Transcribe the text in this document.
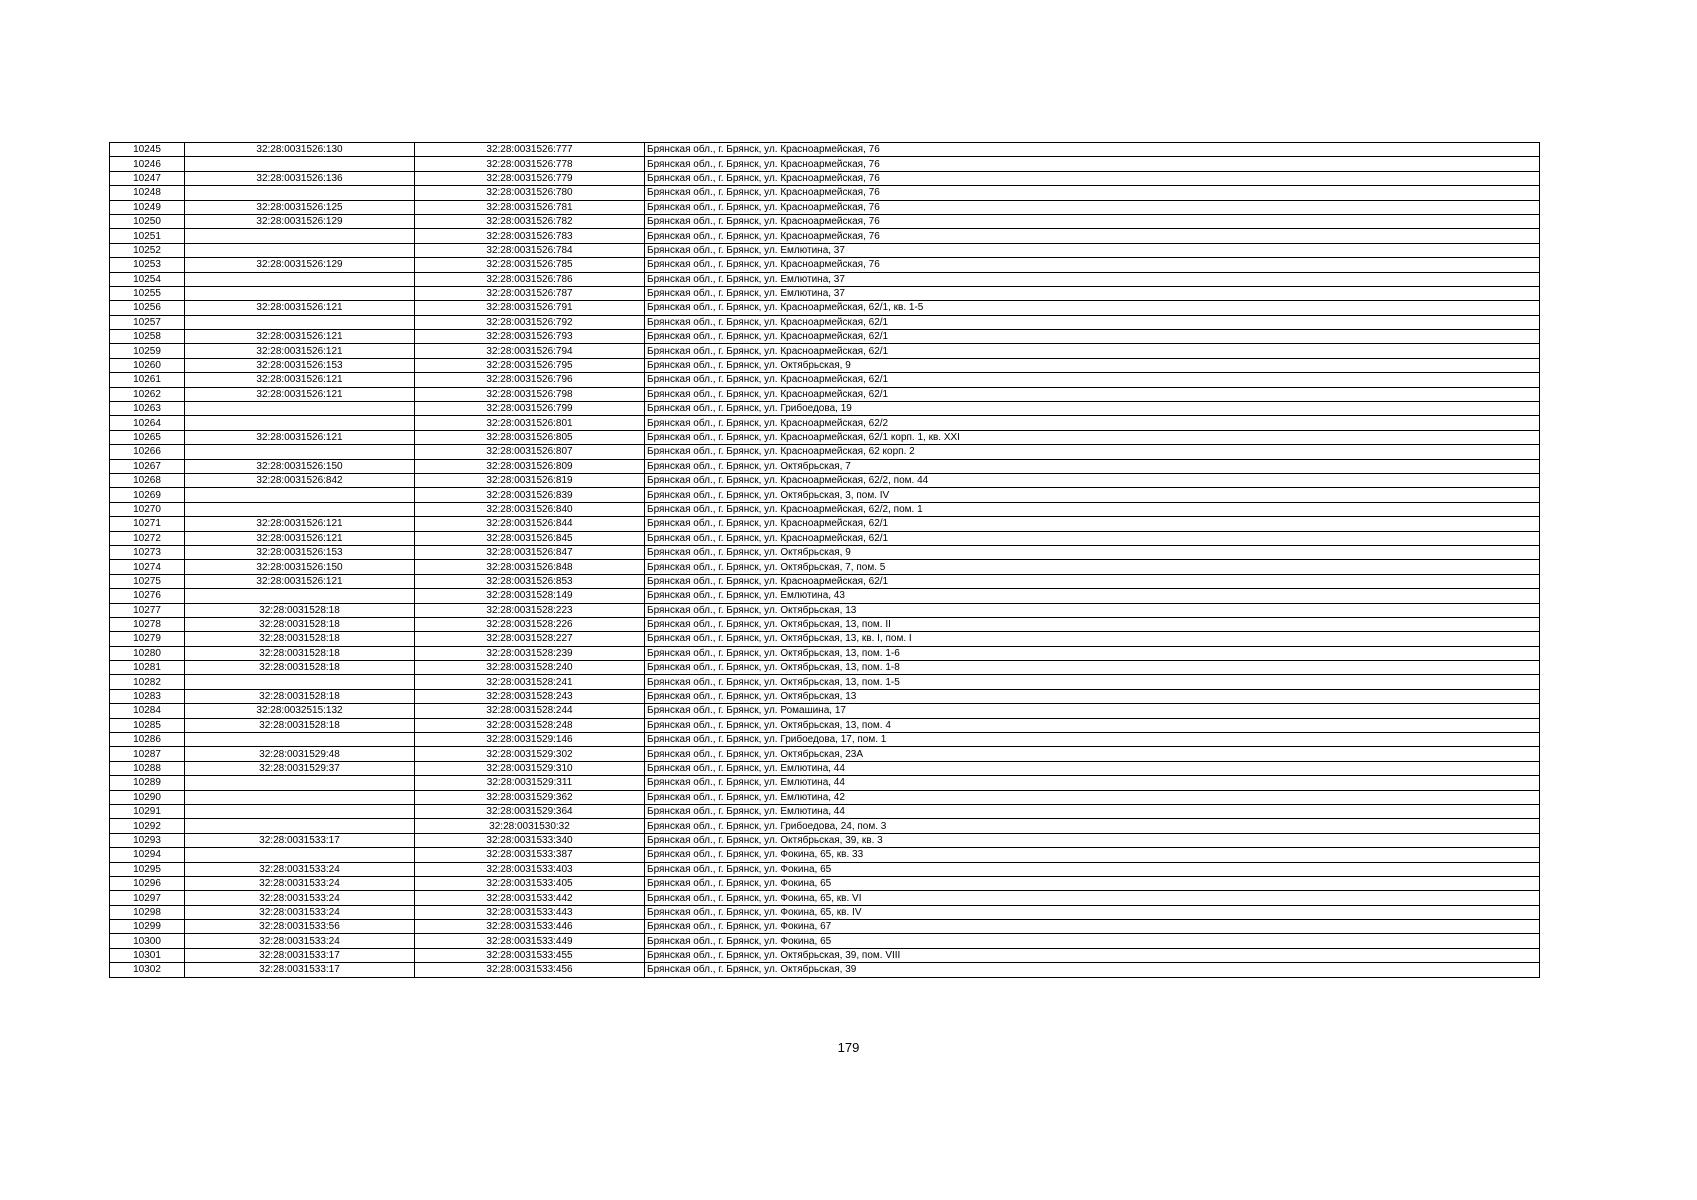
10245	32:28:0031526:130	32:28:0031526:777	Брянская обл., г. Брянск, ул. Красноармейская, 76
10246		32:28:0031526:778	Брянская обл., г. Брянск, ул. Красноармейская, 76
10247	32:28:0031526:136	32:28:0031526:779	Брянская обл., г. Брянск, ул. Красноармейская, 76
10248		32:28:0031526:780	Брянская обл., г. Брянск, ул. Красноармейская, 76
10249	32:28:0031526:125	32:28:0031526:781	Брянская обл., г. Брянск, ул. Красноармейская, 76
10250	32:28:0031526:129	32:28:0031526:782	Брянская обл., г. Брянск, ул. Красноармейская, 76
10251		32:28:0031526:783	Брянская обл., г. Брянск, ул. Красноармейская, 76
10252		32:28:0031526:784	Брянская обл., г. Брянск, ул. Емлютина, 37
10253	32:28:0031526:129	32:28:0031526:785	Брянская обл., г. Брянск, ул. Красноармейская, 76
10254		32:28:0031526:786	Брянская обл., г. Брянск, ул. Емлютина, 37
10255		32:28:0031526:787	Брянская обл., г. Брянск, ул. Емлютина, 37
10256	32:28:0031526:121	32:28:0031526:791	Брянская обл., г. Брянск, ул. Красноармейская, 62/1, кв. 1-5
10257		32:28:0031526:792	Брянская обл., г. Брянск, ул. Красноармейская, 62/1
10258	32:28:0031526:121	32:28:0031526:793	Брянская обл., г. Брянск, ул. Красноармейская, 62/1
10259	32:28:0031526:121	32:28:0031526:794	Брянская обл., г. Брянск, ул. Красноармейская, 62/1
10260	32:28:0031526:153	32:28:0031526:795	Брянская обл., г. Брянск, ул. Октябрьская, 9
10261	32:28:0031526:121	32:28:0031526:796	Брянская обл., г. Брянск, ул. Красноармейская, 62/1
10262	32:28:0031526:121	32:28:0031526:798	Брянская обл., г. Брянск, ул. Красноармейская, 62/1
10263		32:28:0031526:799	Брянская обл., г. Брянск, ул. Грибоедова, 19
10264		32:28:0031526:801	Брянская обл., г. Брянск, ул. Красноармейская, 62/2
10265	32:28:0031526:121	32:28:0031526:805	Брянская обл., г. Брянск, ул. Красноармейская, 62/1 корп. 1, кв. XXI
10266		32:28:0031526:807	Брянская обл., г. Брянск, ул. Красноармейская, 62 корп. 2
10267	32:28:0031526:150	32:28:0031526:809	Брянская обл., г. Брянск, ул. Октябрьская, 7
10268	32:28:0031526:842	32:28:0031526:819	Брянская обл., г. Брянск, ул. Красноармейская, 62/2, пом. 44
10269		32:28:0031526:839	Брянская обл., г. Брянск, ул. Октябрьская, 3, пом. IV
10270		32:28:0031526:840	Брянская обл., г. Брянск, ул. Красноармейская, 62/2, пом. 1
10271	32:28:0031526:121	32:28:0031526:844	Брянская обл., г. Брянск, ул. Красноармейская, 62/1
10272	32:28:0031526:121	32:28:0031526:845	Брянская обл., г. Брянск, ул. Красноармейская, 62/1
10273	32:28:0031526:153	32:28:0031526:847	Брянская обл., г. Брянск, ул. Октябрьская, 9
10274	32:28:0031526:150	32:28:0031526:848	Брянская обл., г. Брянск, ул. Октябрьская, 7, пом. 5
10275	32:28:0031526:121	32:28:0031526:853	Брянская обл., г. Брянск, ул. Красноармейская, 62/1
10276		32:28:0031528:149	Брянская обл., г. Брянск, ул. Емлютина, 43
10277	32:28:0031528:18	32:28:0031528:223	Брянская обл., г. Брянск, ул. Октябрьская, 13
10278	32:28:0031528:18	32:28:0031528:226	Брянская обл., г. Брянск, ул. Октябрьская, 13, пом. II
10279	32:28:0031528:18	32:28:0031528:227	Брянская обл., г. Брянск, ул. Октябрьская, 13, кв. I, пом. I
10280	32:28:0031528:18	32:28:0031528:239	Брянская обл., г. Брянск, ул. Октябрьская, 13, пом. 1-6
10281	32:28:0031528:18	32:28:0031528:240	Брянская обл., г. Брянск, ул. Октябрьская, 13, пом. 1-8
10282		32:28:0031528:241	Брянская обл., г. Брянск, ул. Октябрьская, 13, пом. 1-5
10283	32:28:0031528:18	32:28:0031528:243	Брянская обл., г. Брянск, ул. Октябрьская, 13
10284	32:28:0032515:132	32:28:0031528:244	Брянская обл., г. Брянск, ул. Ромашина, 17
10285	32:28:0031528:18	32:28:0031528:248	Брянская обл., г. Брянск, ул. Октябрьская, 13, пом. 4
10286		32:28:0031529:146	Брянская обл., г. Брянск, ул. Грибоедова, 17, пом. 1
10287	32:28:0031529:48	32:28:0031529:302	Брянская обл., г. Брянск, ул. Октябрьская, 23А
10288	32:28:0031529:37	32:28:0031529:310	Брянская обл., г. Брянск, ул. Емлютина, 44
10289		32:28:0031529:311	Брянская обл., г. Брянск, ул. Емлютина, 44
10290		32:28:0031529:362	Брянская обл., г. Брянск, ул. Емлютина, 42
10291		32:28:0031529:364	Брянская обл., г. Брянск, ул. Емлютина, 44
10292		32:28:0031530:32	Брянская обл., г. Брянск, ул. Грибоедова, 24, пом. 3
10293	32:28:0031533:17	32:28:0031533:340	Брянская обл., г. Брянск, ул. Октябрьская, 39, кв. 3
10294		32:28:0031533:387	Брянская обл., г. Брянск, ул. Фокина, 65, кв. 33
10295	32:28:0031533:24	32:28:0031533:403	Брянская обл., г. Брянск, ул. Фокина, 65
10296	32:28:0031533:24	32:28:0031533:405	Брянская обл., г. Брянск, ул. Фокина, 65
10297	32:28:0031533:24	32:28:0031533:442	Брянская обл., г. Брянск, ул. Фокина, 65, кв. VI
10298	32:28:0031533:24	32:28:0031533:443	Брянская обл., г. Брянск, ул. Фокина, 65, кв. IV
10299	32:28:0031533:56	32:28:0031533:446	Брянская обл., г. Брянск, ул. Фокина, 67
10300	32:28:0031533:24	32:28:0031533:449	Брянская обл., г. Брянск, ул. Фокина, 65
10301	32:28:0031533:17	32:28:0031533:455	Брянская обл., г. Брянск, ул. Октябрьская, 39, пом. VIII
10302	32:28:0031533:17	32:28:0031533:456	Брянская обл., г. Брянск, ул. Октябрьская, 39
179
